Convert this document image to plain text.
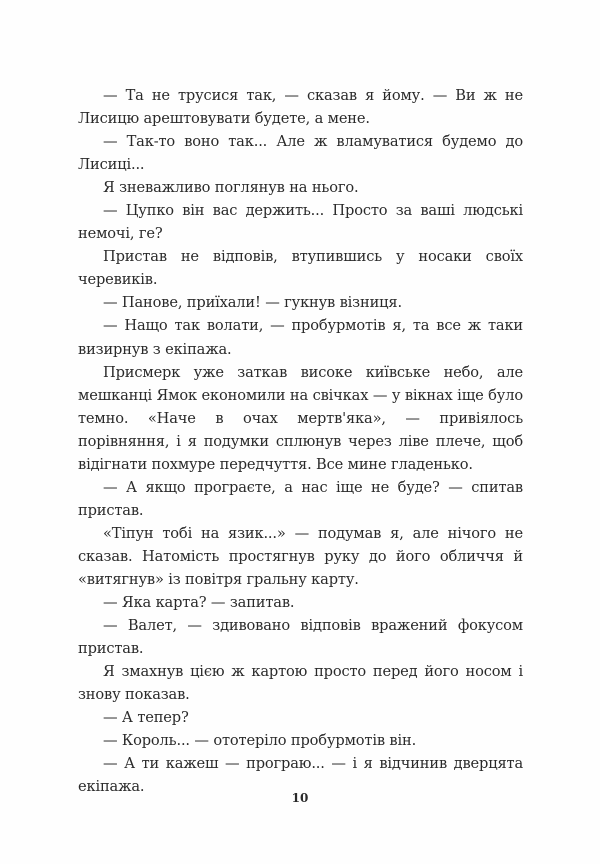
— Та не трусися так, — сказав я йому. — Ви ж не Лисицю арештовувати будете, а мене.

— Так-то воно так... Але ж вламуватися будемо до Лисиці...

Я зневажливо поглянув на нього.

— Цупко він вас держить... Просто за ваші людські немочі, ге?

Пристав не відповів, втупившись у носаки своїх черевиків.

— Панове, приїхали! — гукнув візниця.

— Нащо так волати, — пробурмотів я, та все ж таки визирнув з екіпажа.

Присмерк уже заткав високе київське небо, але мешканці Ямок економили на свічках — у вікнах іще було темно. «Наче в очах мертв'яка», — привіялось порівняння, і я подумки сплюнув через ліве плече, щоб відігнати похмуре передчуття. Все мине гладенько.

— А якщо програєте, а нас іще не буде? — спитав пристав.

«Тіпун тобі на язик...» — подумав я, але нічого не сказав. Натомість простягнув руку до його обличчя й «витягнув» із повітря гральну карту.

— Яка карта? — запитав.

— Валет, — здивовано відповів вражений фокусом пристав.

Я змахнув цією ж картою просто перед його носом і знову показав.

— А тепер?

— Король... — ототеріло пробурмотів він.

— А ти кажеш — програю... — і я відчинив дверцята екіпажа.

10
